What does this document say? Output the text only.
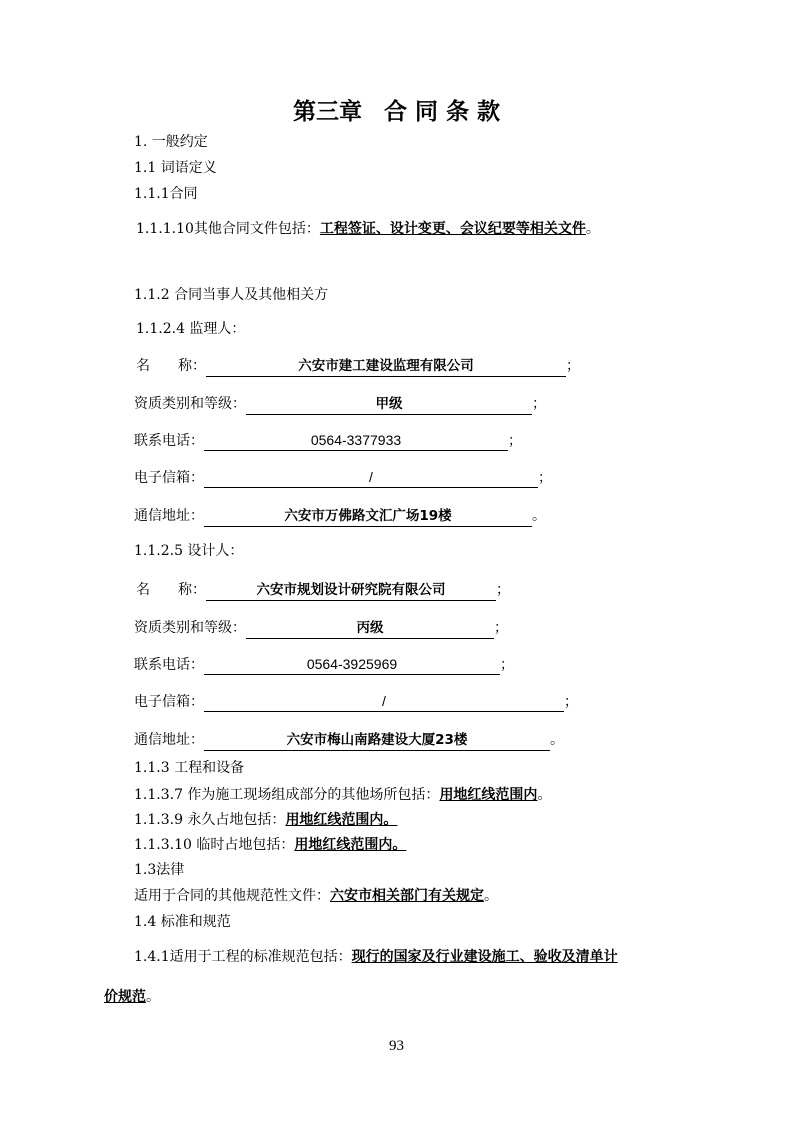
第三章 合 同 条 款
1. 一般约定
1.1 词语定义
1.1.1合同
1.1.1.10其他合同文件包括：工程签证、设计变更、会议纪要等相关文件。
1.1.2 合同当事人及其他相关方
1.1.2.4 监理人：
名　　称：	六安市建工建设监理有限公司	；
资质类别和等级：	甲级	；
联系电话：	0564-3377933	；
电子信箱：	/	；
通信地址：	六安市万佛路文汇广场19楼	。
1.1.2.5 设计人：
名　　称：	六安市规划设计研究院有限公司	；
资质类别和等级：	丙级	；
联系电话：	0564-3925969	；
电子信箱：	/	；
通信地址：	六安市梅山南路建设大厦23楼	。
1.1.3 工程和设备
1.1.3.7 作为施工现场组成部分的其他场所包括：用地红线范围内。
1.1.3.9 永久占地包括：用地红线范围内。
1.1.3.10 临时占地包括：用地红线范围内。
1.3法律
适用于合同的其他规范性文件：六安市相关部门有关规定。
1.4 标准和规范
1.4.1适用于工程的标准规范包括：现行的国家及行业建设施工、验收及清单计
价规范。
93
